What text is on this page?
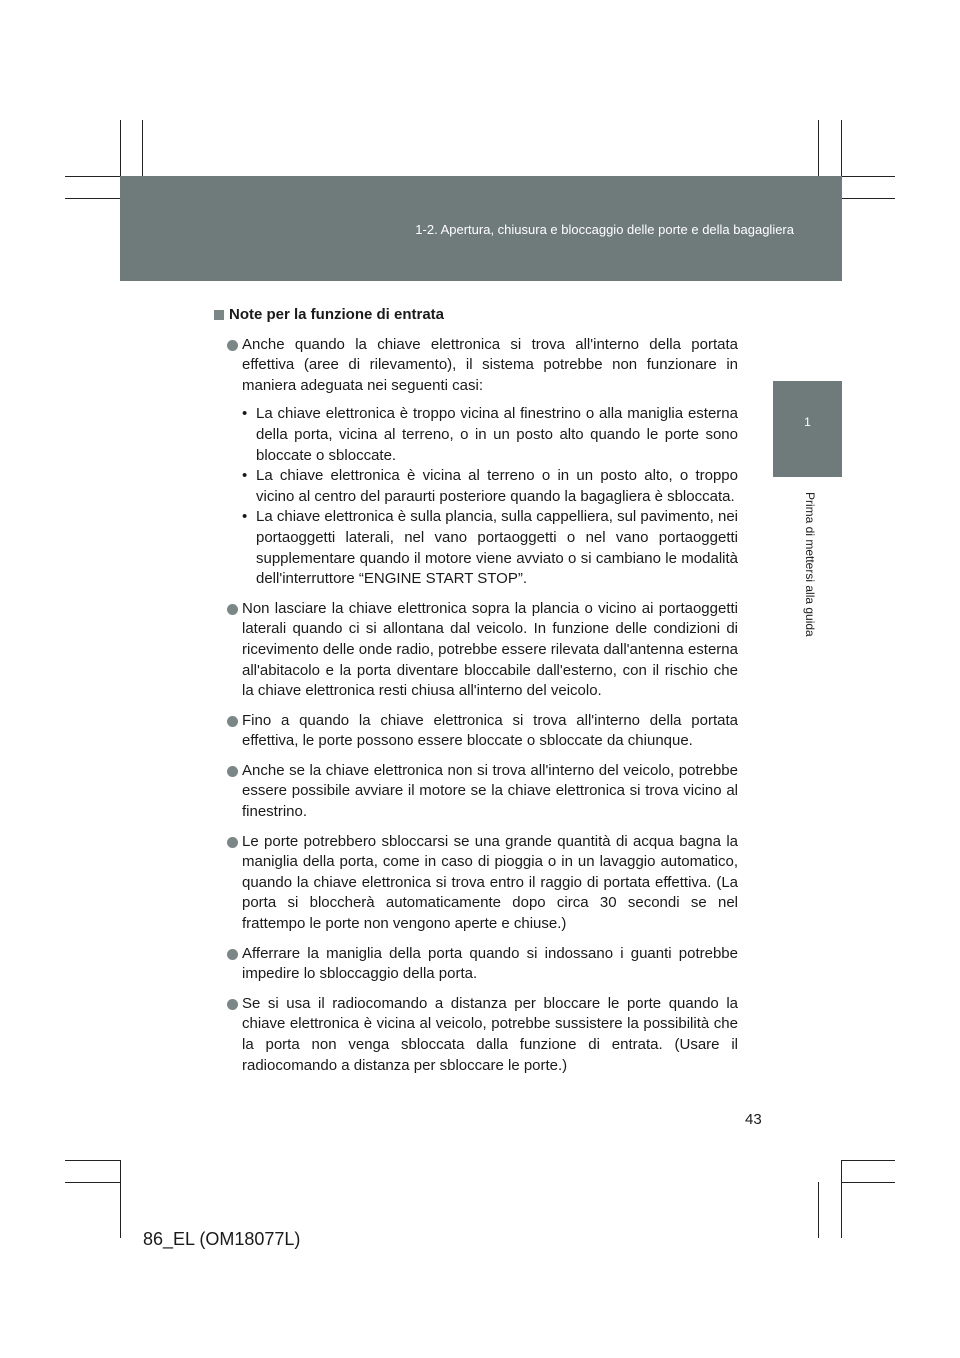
1-2. Apertura, chiusura e bloccaggio delle porte e della bagagliera
1
Prima di mettersi alla guida
Note per la funzione di entrata
Anche quando la chiave elettronica si trova all'interno della portata effettiva (aree di rilevamento), il sistema potrebbe non funzionare in maniera adeguata nei seguenti casi:
• La chiave elettronica è troppo vicina al finestrino o alla maniglia esterna della porta, vicina al terreno, o in un posto alto quando le porte sono bloccate o sbloccate.
• La chiave elettronica è vicina al terreno o in un posto alto, o troppo vicino al centro del paraurti posteriore quando la bagagliera è sbloccata.
• La chiave elettronica è sulla plancia, sulla cappelliera, sul pavimento, nei portaoggetti laterali, nel vano portaoggetti o nel vano portaoggetti supplementare quando il motore viene avviato o si cambiano le modalità dell'interruttore “ENGINE START STOP”.
Non lasciare la chiave elettronica sopra la plancia o vicino ai portaoggetti laterali quando ci si allontana dal veicolo. In funzione delle condizioni di ricevimento delle onde radio, potrebbe essere rilevata dall'antenna esterna all'abitacolo e la porta diventare bloccabile dall'esterno, con il rischio che la chiave elettronica resti chiusa all'interno del veicolo.
Fino a quando la chiave elettronica si trova all'interno della portata effettiva, le porte possono essere bloccate o sbloccate da chiunque.
Anche se la chiave elettronica non si trova all'interno del veicolo, potrebbe essere possibile avviare il motore se la chiave elettronica si trova vicino al finestrino.
Le porte potrebbero sbloccarsi se una grande quantità di acqua bagna la maniglia della porta, come in caso di pioggia o in un lavaggio automatico, quando la chiave elettronica si trova entro il raggio di portata effettiva. (La porta si bloccherà automaticamente dopo circa 30 secondi se nel frattempo le porte non vengono aperte e chiuse.)
Afferrare la maniglia della porta quando si indossano i guanti potrebbe impedire lo sbloccaggio della porta.
Se si usa il radiocomando a distanza per bloccare le porte quando la chiave elettronica è vicina al veicolo, potrebbe sussistere la possibilità che la porta non venga sbloccata dalla funzione di entrata. (Usare il radiocomando a distanza per sbloccare le porte.)
43
86_EL (OM18077L)
